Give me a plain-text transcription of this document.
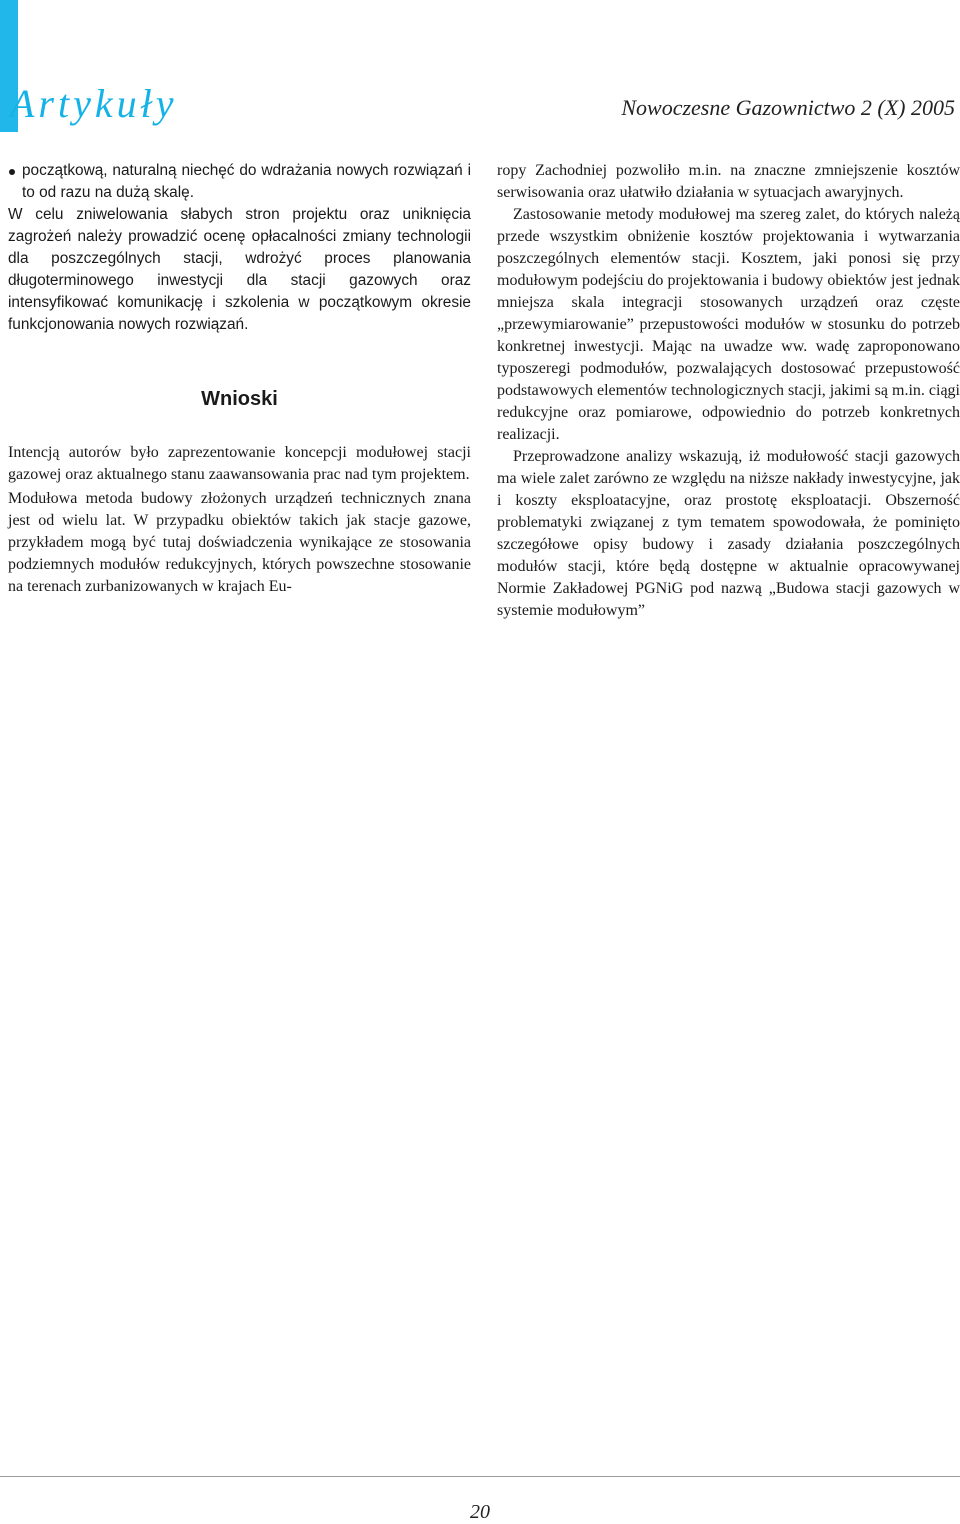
Artykuły	Nowoczesne Gazownictwo 2 (X) 2005

początkową, naturalną niechęć do wdrażania nowych rozwiązań i to od razu na dużą skalę.

W celu zniwelowania słabych stron projektu oraz uniknięcia zagrożeń należy prowadzić ocenę opłacalności zmiany technologii dla poszczególnych stacji, wdrożyć proces planowania długoterminowego inwestycji dla stacji gazowych oraz intensyfikować komunikację i szkolenia w początkowym okresie funkcjonowania nowych rozwiązań.

Wnioski

Intencją autorów było zaprezentowanie koncepcji modułowej stacji gazowej oraz aktualnego stanu zaawansowania prac nad tym projektem.

Modułowa metoda budowy złożonych urządzeń technicznych znana jest od wielu lat. W przypadku obiektów takich jak stacje gazowe, przykładem mogą być tutaj doświadczenia wynikające ze stosowania podziemnych modułów redukcyjnych, których powszechne stosowanie na terenach zurbanizowanych w krajach Eu-

ropy Zachodniej pozwoliło m.in. na znaczne zmniejszenie kosztów serwisowania oraz ułatwiło działania w sytuacjach awaryjnych.

Zastosowanie metody modułowej ma szereg zalet, do których należą przede wszystkim obniżenie kosztów projektowania i wytwarzania poszczególnych elementów stacji. Kosztem, jaki ponosi się przy modułowym podejściu do projektowania i budowy obiektów jest jednak mniejsza skala integracji stosowanych urządzeń oraz częste „przewymiarowanie” przepustowości modułów w stosunku do potrzeb konkretnej inwestycji. Mając na uwadze ww. wadę zaproponowano typoszeregi podmodułów, pozwalających dostosować przepustowość podstawowych elementów technologicznych stacji, jakimi są m.in. ciągi redukcyjne oraz pomiarowe, odpowiednio do potrzeb konkretnych realizacji.

Przeprowadzone analizy wskazują, iż modułowość stacji gazowych ma wiele zalet zarówno ze względu na niższe nakłady inwestycyjne, jak i koszty eksploatacyjne, oraz prostotę eksploatacji. Obszerność problematyki związanej z tym tematem spowodowała, że pominięto szczegółowe opisy budowy i zasady działania poszczególnych modułów stacji, które będą dostępne w aktualnie opracowywanej Normie Zakładowej PGNiG pod nazwą „Budowa stacji gazowych w systemie modułowym”

20
